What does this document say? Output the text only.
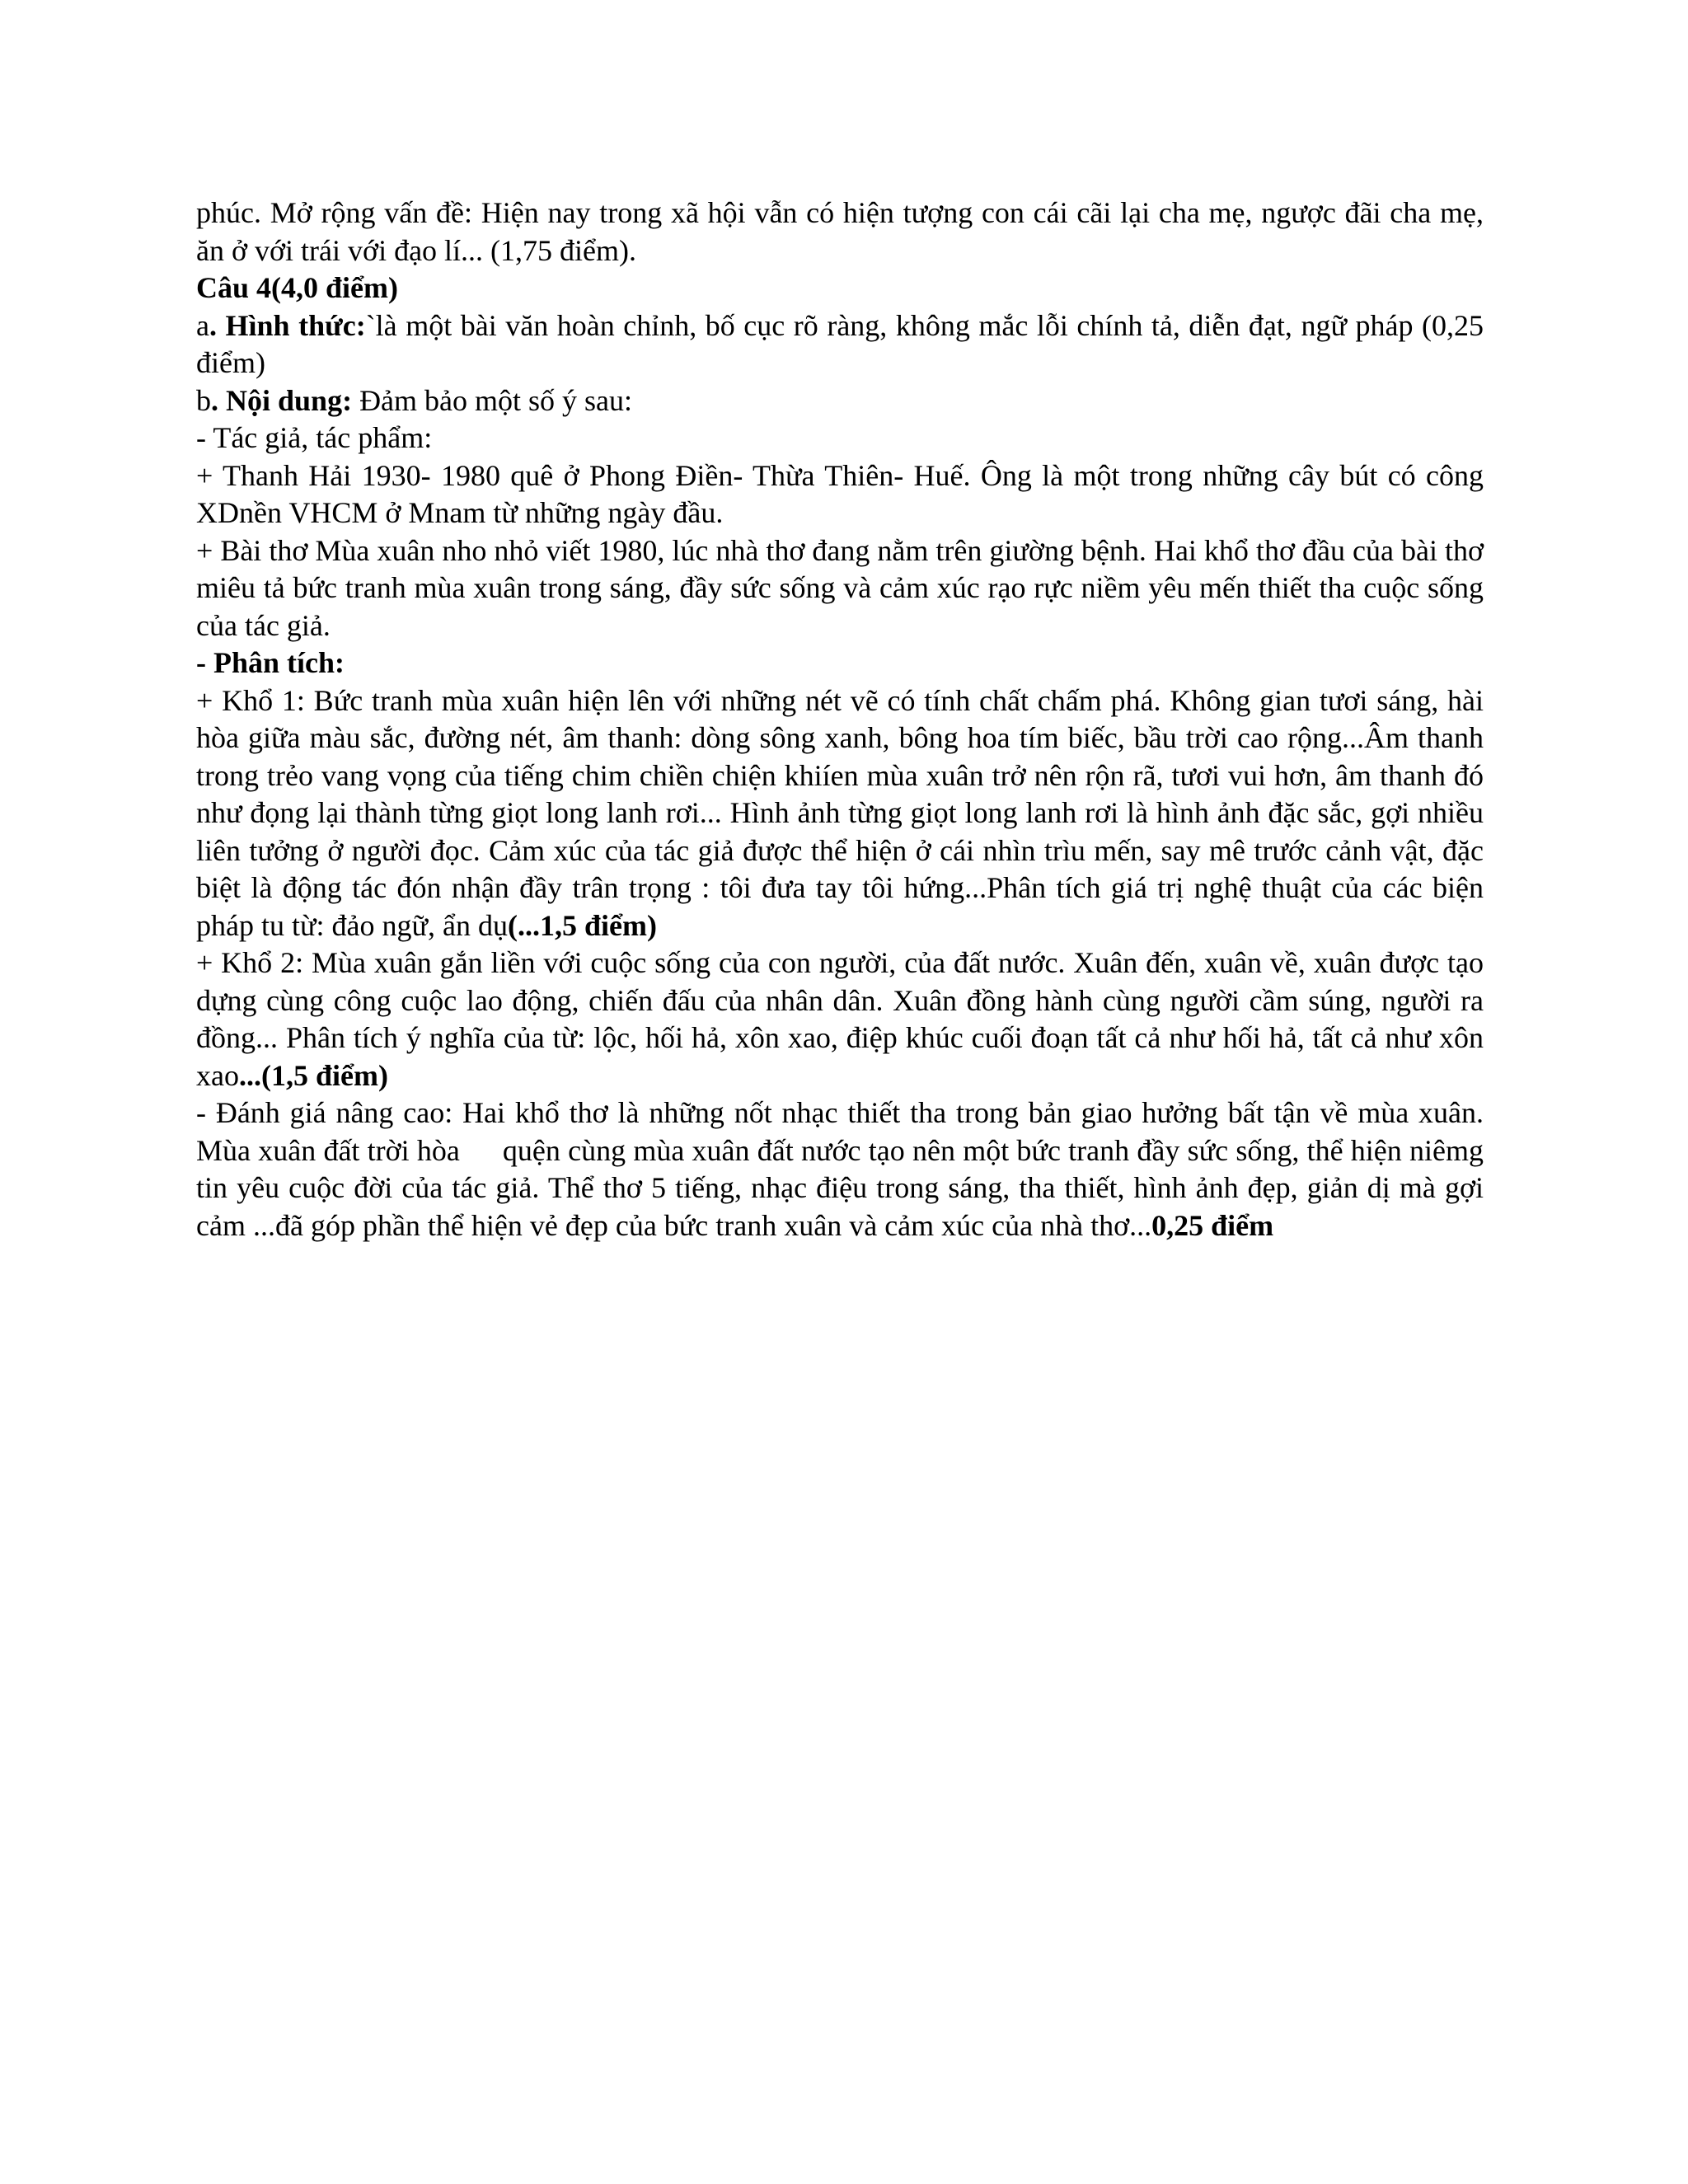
phúc. Mở rộng vấn đề: Hiện nay trong xã hội vẫn có hiện tượng con cái cãi lại cha mẹ, ngược đãi cha mẹ, ăn ở với trái với đạo lí... (1,75 điểm).

Câu 4(4,0 điểm)

a. Hình thức:`là một bài văn hoàn chỉnh, bố cục rõ ràng, không mắc lỗi chính tả, diễn đạt, ngữ pháp (0,25 điểm)

b. Nội dung: Đảm bảo một số ý sau:

- Tác giả, tác phẩm:

+ Thanh Hải 1930- 1980 quê ở Phong Điền- Thừa Thiên- Huế. Ông là một trong những cây bút có công XDnền VHCM ở Mnam từ những ngày đầu.

+ Bài thơ Mùa xuân nho nhỏ viết 1980, lúc nhà thơ đang nằm trên giường bệnh. Hai khổ thơ đầu của bài thơ miêu tả bức tranh mùa xuân trong sáng, đầy sức sống và cảm xúc rạo rực niềm yêu mến thiết tha cuộc sống của tác giả.

- Phân tích:

+ Khổ 1: Bức tranh mùa xuân hiện lên với những nét vẽ có tính chất chấm phá. Không gian tươi sáng, hài hòa giữa màu sắc, đường nét, âm thanh: dòng sông xanh, bông hoa tím biếc, bầu trời cao rộng...Âm thanh trong trẻo vang vọng của tiếng chim chiền chiện khiíen mùa xuân trở nên rộn rã, tươi vui hơn, âm thanh đó như đọng lại thành từng giọt long lanh rơi... Hình ảnh từng giọt long lanh rơi là hình ảnh đặc sắc, gợi nhiều liên tưởng ở người đọc. Cảm xúc của tác giả được thể hiện ở cái nhìn trìu mến, say mê trước cảnh vật, đặc biệt là động tác đón nhận đầy trân trọng : tôi đưa tay tôi hứng...Phân tích giá trị nghệ thuật của các biện pháp tu từ: đảo ngữ, ẩn dụ(...1,5 điểm)

+ Khổ 2: Mùa xuân gắn liền với cuộc sống của con người, của đất nước. Xuân đến, xuân về, xuân được tạo dựng cùng công cuộc lao động, chiến đấu của nhân dân. Xuân đồng hành cùng người cầm súng, người ra đồng... Phân tích ý nghĩa của từ: lộc, hối hả, xôn xao, điệp khúc cuối đoạn tất cả như hối hả, tất cả như xôn xao...(1,5 điểm)

- Đánh giá nâng cao: Hai khổ thơ là những nốt nhạc thiết tha trong bản giao hưởng bất tận về mùa xuân. Mùa xuân đất trời hòa quện cùng mùa xuân đất nước tạo nên một bức tranh đầy sức sống, thể hiện niêmg tin yêu cuộc đời của tác giả. Thể thơ 5 tiếng, nhạc điệu trong sáng, tha thiết, hình ảnh đẹp, giản dị mà gợi cảm ...đã góp phần thể hiện vẻ đẹp của bức tranh xuân và cảm xúc của nhà thơ...0,25 điểm
